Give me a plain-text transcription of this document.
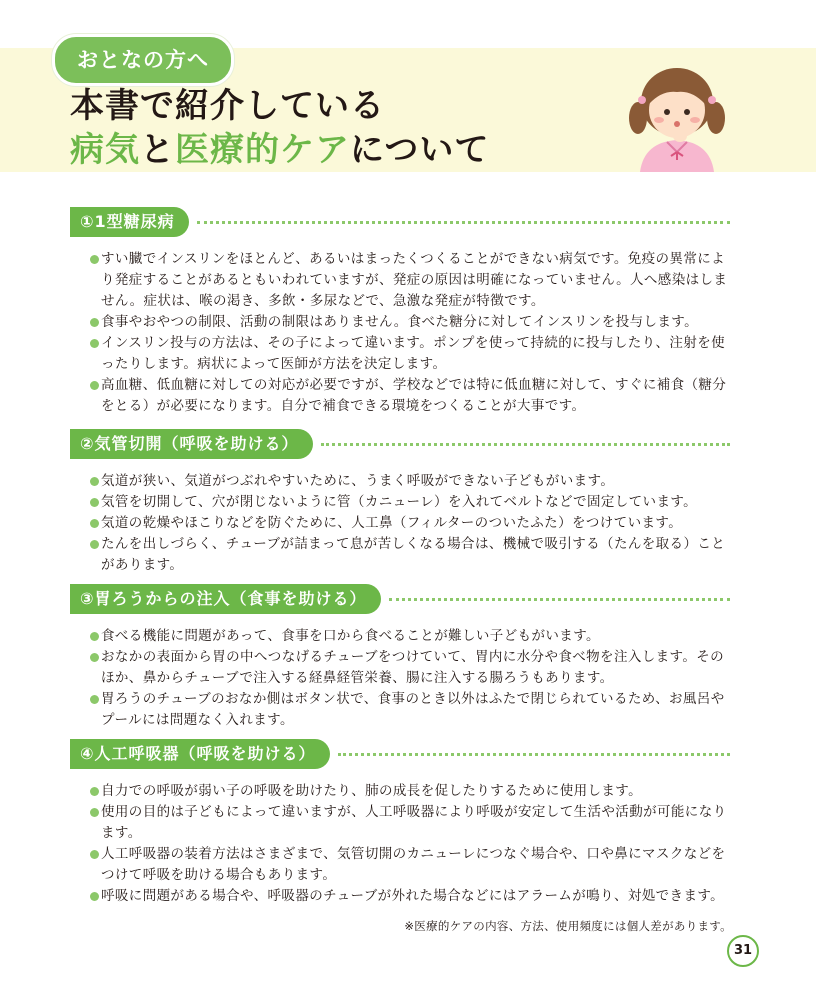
おとなの方へ
本書で紹介している
病気と医療的ケアについて
①1型糖尿病
すい臓でインスリンをほとんど、あるいはまったくつくることができない病気です。免疫の異常によ
り発症することがあるともいわれていますが、発症の原因は明確になっていません。人へ感染はしま
せん。症状は、喉の渇き、多飲・多尿などで、急激な発症が特徴です。
食事やおやつの制限、活動の制限はありません。食べた糖分に対してインスリンを投与します。
インスリン投与の方法は、その子によって違います。ポンプを使って持続的に投与したり、注射を使
ったりします。病状によって医師が方法を決定します。
高血糖、低血糖に対しての対応が必要ですが、学校などでは特に低血糖に対して、すぐに補食（糖分
をとる）が必要になります。自分で補食できる環境をつくることが大事です。
②気管切開（呼吸を助ける）
気道が狭い、気道がつぶれやすいために、うまく呼吸ができない子どもがいます。
気管を切開して、穴が閉じないように管（カニューレ）を入れてベルトなどで固定しています。
気道の乾燥やほこりなどを防ぐために、人工鼻（フィルターのついたふた）をつけています。
たんを出しづらく、チューブが詰まって息が苦しくなる場合は、機械で吸引する（たんを取る）こと
があります。
③胃ろうからの注入（食事を助ける）
食べる機能に問題があって、食事を口から食べることが難しい子どもがいます。
おなかの表面から胃の中へつなげるチューブをつけていて、胃内に水分や食べ物を注入します。その
ほか、鼻からチューブで注入する経鼻経管栄養、腸に注入する腸ろうもあります。
胃ろうのチューブのおなか側はボタン状で、食事のとき以外はふたで閉じられているため、お風呂や
プールには問題なく入れます。
④人工呼吸器（呼吸を助ける）
自力での呼吸が弱い子の呼吸を助けたり、肺の成長を促したりするために使用します。
使用の目的は子どもによって違いますが、人工呼吸器により呼吸が安定して生活や活動が可能になり
ます。
人工呼吸器の装着方法はさまざまで、気管切開のカニューレにつなぐ場合や、口や鼻にマスクなどを
つけて呼吸を助ける場合もあります。
呼吸に問題がある場合や、呼吸器のチューブが外れた場合などにはアラームが鳴り、対処できます。
※医療的ケアの内容、方法、使用頻度には個人差があります。
31
